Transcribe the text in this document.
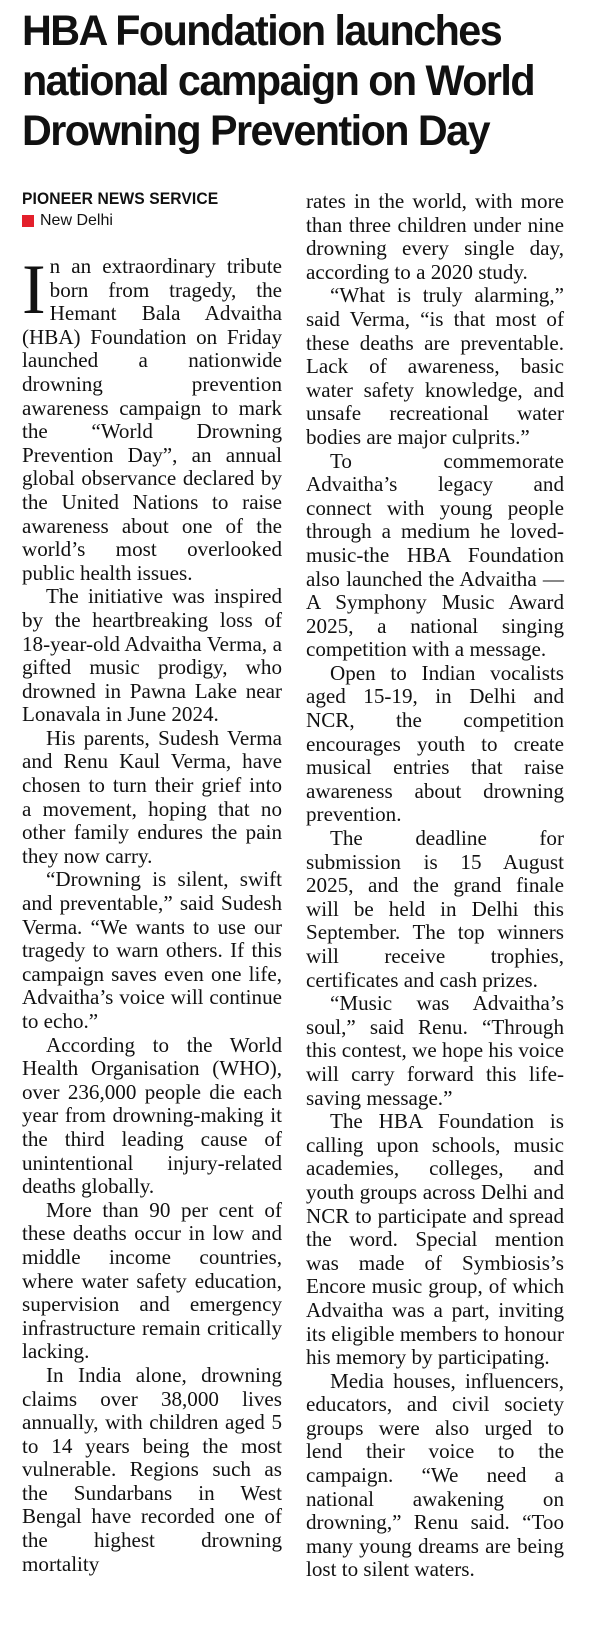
HBA Foundation launches national campaign on World Drowning Prevention Day
PIONEER NEWS SERVICE
New Delhi

In an extraordinary tribute born from tragedy, the Hemant Bala Advaitha (HBA) Foundation on Friday launched a nationwide drowning prevention awareness campaign to mark the “World Drowning Prevention Day”, an annual global observance declared by the United Nations to raise awareness about one of the world’s most overlooked public health issues.

The initiative was inspired by the heartbreaking loss of 18-year-old Advaitha Verma, a gifted music prodigy, who drowned in Pawna Lake near Lonavala in June 2024.

His parents, Sudesh Verma and Renu Kaul Verma, have chosen to turn their grief into a movement, hoping that no other family endures the pain they now carry.

“Drowning is silent, swift and preventable,” said Sudesh Verma. “We wants to use our tragedy to warn others. If this campaign saves even one life, Advaitha’s voice will continue to echo.”

According to the World Health Organisation (WHO), over 236,000 people die each year from drowning-making it the third leading cause of unintentional injury-related deaths globally.

More than 90 per cent of these deaths occur in low and middle income countries, where water safety education, supervision and emergency infrastructure remain critically lacking.

In India alone, drowning claims over 38,000 lives annually, with children aged 5 to 14 years being the most vulnerable. Regions such as the Sundarbans in West Bengal have recorded one of the highest drowning mortality

rates in the world, with more than three children under nine drowning every single day, according to a 2020 study.

“What is truly alarming,” said Verma, “is that most of these deaths are preventable. Lack of awareness, basic water safety knowledge, and unsafe recreational water bodies are major culprits.”

To commemorate Advaitha’s legacy and connect with young people through a medium he loved-music-the HBA Foundation also launched the Advaitha — A Symphony Music Award 2025, a national singing competition with a message.

Open to Indian vocalists aged 15-19, in Delhi and NCR, the competition encourages youth to create musical entries that raise awareness about drowning prevention.

The deadline for submission is 15 August 2025, and the grand finale will be held in Delhi this September. The top winners will receive trophies, certificates and cash prizes.

“Music was Advaitha’s soul,” said Renu. “Through this contest, we hope his voice will carry forward this life-saving message.”

The HBA Foundation is calling upon schools, music academies, colleges, and youth groups across Delhi and NCR to participate and spread the word. Special mention was made of Symbiosis’s Encore music group, of which Advaitha was a part, inviting its eligible members to honour his memory by participating.

Media houses, influencers, educators, and civil society groups were also urged to lend their voice to the campaign. “We need a national awakening on drowning,” Renu said. “Too many young dreams are being lost to silent waters.
